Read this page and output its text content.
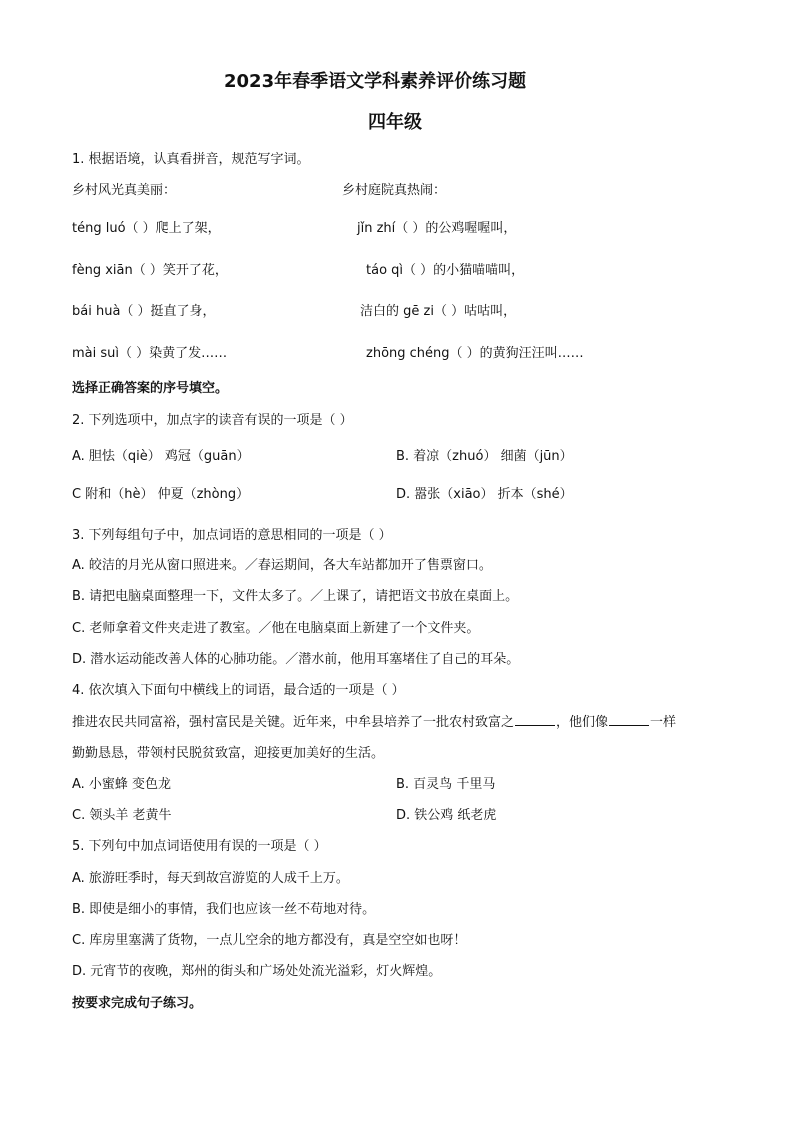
2023年春季语文学科素养评价练习题
四年级
1. 根据语境，认真看拼音，规范写字词。
乡村风光真美丽：	乡村庭院真热闹：
téng luó（ ）爬上了架，	jǐn zhí（ ）的公鸡喔喔叫，
fèng xiān（ ）笑开了花，	táo qì（ ）的小猫喵喵叫，
bái huà（ ）挺直了身，	洁白的 gē zi（ ）咕咕叫，
mài suì（ ）染黄了发……	zhōng chéng（ ）的黄狗汪汪叫……
选择正确答案的序号填空。
2. 下列选项中，加点字的读音有误的一项是（ ）
A. 胆怯（qiè） 鸡冠（guān）	B. 着凉（zhuó） 细菌（jūn）
C 附和（hè） 仲夏（zhòng）	D. 嚣张（xiāo） 折本（shé）
3. 下列每组句子中，加点词语的意思相同的一项是（ ）
A. 皎洁的月光从窗口照进来。／春运期间，各大车站都加开了售票窗口。
B. 请把电脑桌面整理一下，文件太多了。／上课了，请把语文书放在桌面上。
C. 老师拿着文件夹走进了教室。／他在电脑桌面上新建了一个文件夹。
D. 潜水运动能改善人体的心肺功能。／潜水前，他用耳塞堵住了自己的耳朵。
4. 依次填入下面句中横线上的词语，最合适的一项是（ ）
推进农民共同富裕，强村富民是关键。近年来，中牟县培养了一批农村致富之	，他们像	一样
勤勤恳恳，带领村民脱贫致富，迎接更加美好的生活。
A. 小蜜蜂 变色龙	B. 百灵鸟 千里马
C. 领头羊 老黄牛	D. 铁公鸡 纸老虎
5. 下列句中加点词语使用有误的一项是（ ）
A. 旅游旺季时，每天到故宫游览的人成千上万。
B. 即使是细小的事情，我们也应该一丝不苟地对待。
C. 库房里塞满了货物，一点儿空余的地方都没有，真是空空如也呀！
D. 元宵节的夜晚，郑州的街头和广场处处流光溢彩，灯火辉煌。
按要求完成句子练习。
